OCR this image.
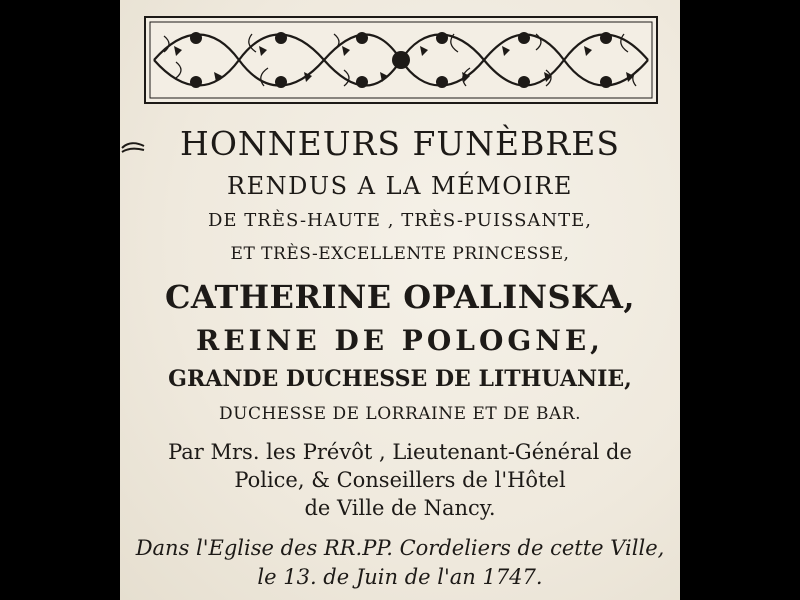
HONNEURS FUNÈBRES
RENDUS A LA MÉMOIRE
DE TRÈS-HAUTE , TRÈS-PUISSANTE,
ET TRÈS-EXCELLENTE PRINCESSE,
CATHERINE OPALINSKA,
REINE DE POLOGNE,
GRANDE DUCHESSE DE LITHUANIE,
DUCHESSE DE LORRAINE ET DE BAR.
Par Mrs. les Prévôt , Lieutenant-Général de
Police, & Conseillers de l'Hôtel
de Ville de Nancy.
Dans l'Eglise des RR.PP. Cordeliers de cette Ville,
le 13. de Juin de l'an 1747.
